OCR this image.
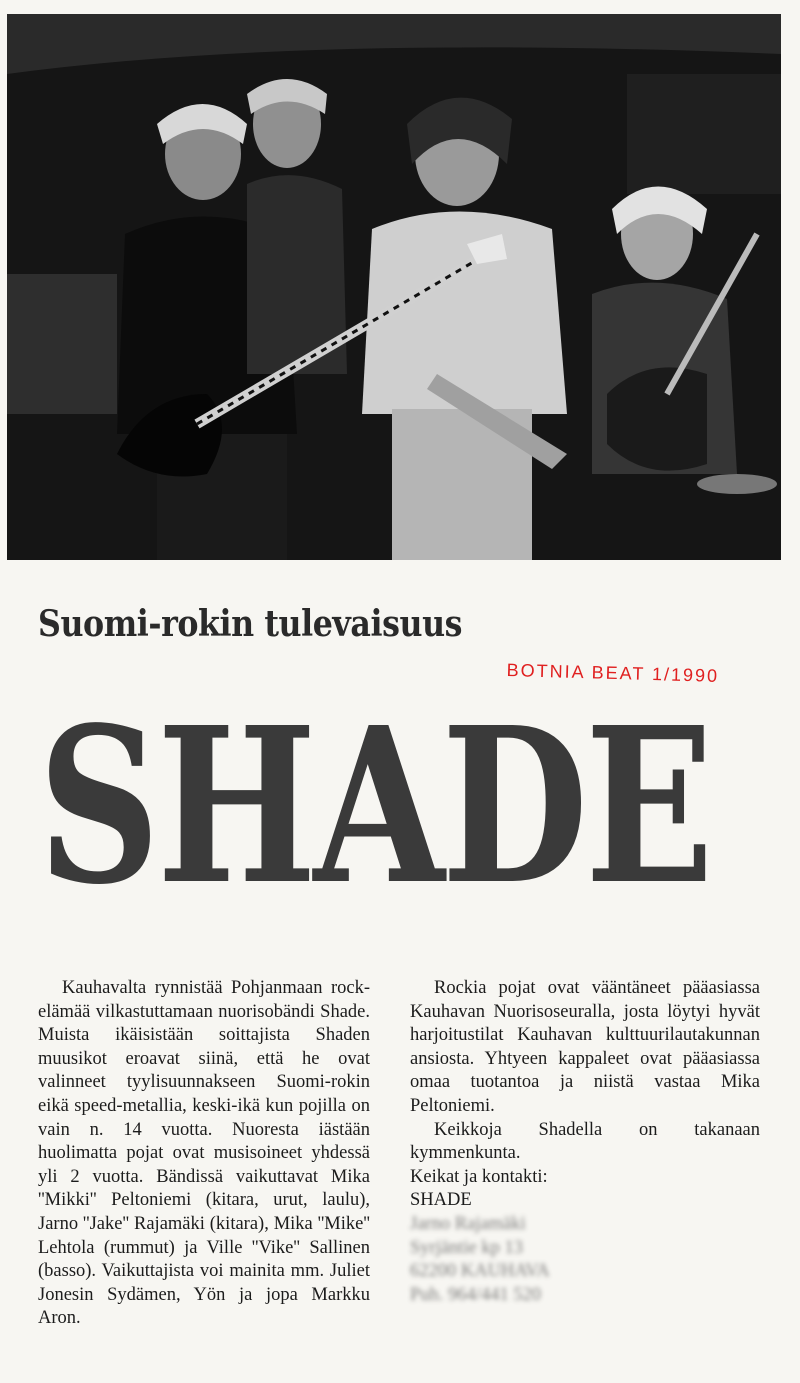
Suomi-rokin tulevaisuus
BOTNIA BEAT 1/1990
SHADE

Kauhavalta rynnistää Pohjanmaan rock-elämää vilkastuttamaan nuorisobändi Shade. Muista ikäisistään soittajista Shaden muusikot eroavat siinä, että he ovat valinneet tyylisuunnakseen Suomi-rokin eikä speed-metallia, keski-ikä kun pojilla on vain n. 14 vuotta. Nuoresta iästään huolimatta pojat ovat musisoineet yhdessä yli 2 vuotta. Bändissä vaikuttavat Mika ''Mikki'' Peltoniemi (kitara, urut, laulu), Jarno ''Jake'' Rajamäki (kitara), Mika ''Mike'' Lehtola (rummut) ja Ville ''Vike'' Sallinen (basso). Vaikuttajista voi mainita mm. Juliet Jonesin Sydämen, Yön ja jopa Markku Aron.

Rockia pojat ovat vääntäneet pääasiassa Kauhavan Nuorisoseuralla, josta löytyi hyvät harjoitustilat Kauhavan kulttuurilautakunnan ansiosta. Yhtyeen kappaleet ovat pääasiassa omaa tuotantoa ja niistä vastaa Mika Peltoniemi.

Keikkoja Shadella on takanaan kymmenkunta.

Keikat ja kontakti:
SHADE
Jarno Rajamäki
Syrjäntie kp 13
62200 KAUHAVA
Puh. 964/441 520
